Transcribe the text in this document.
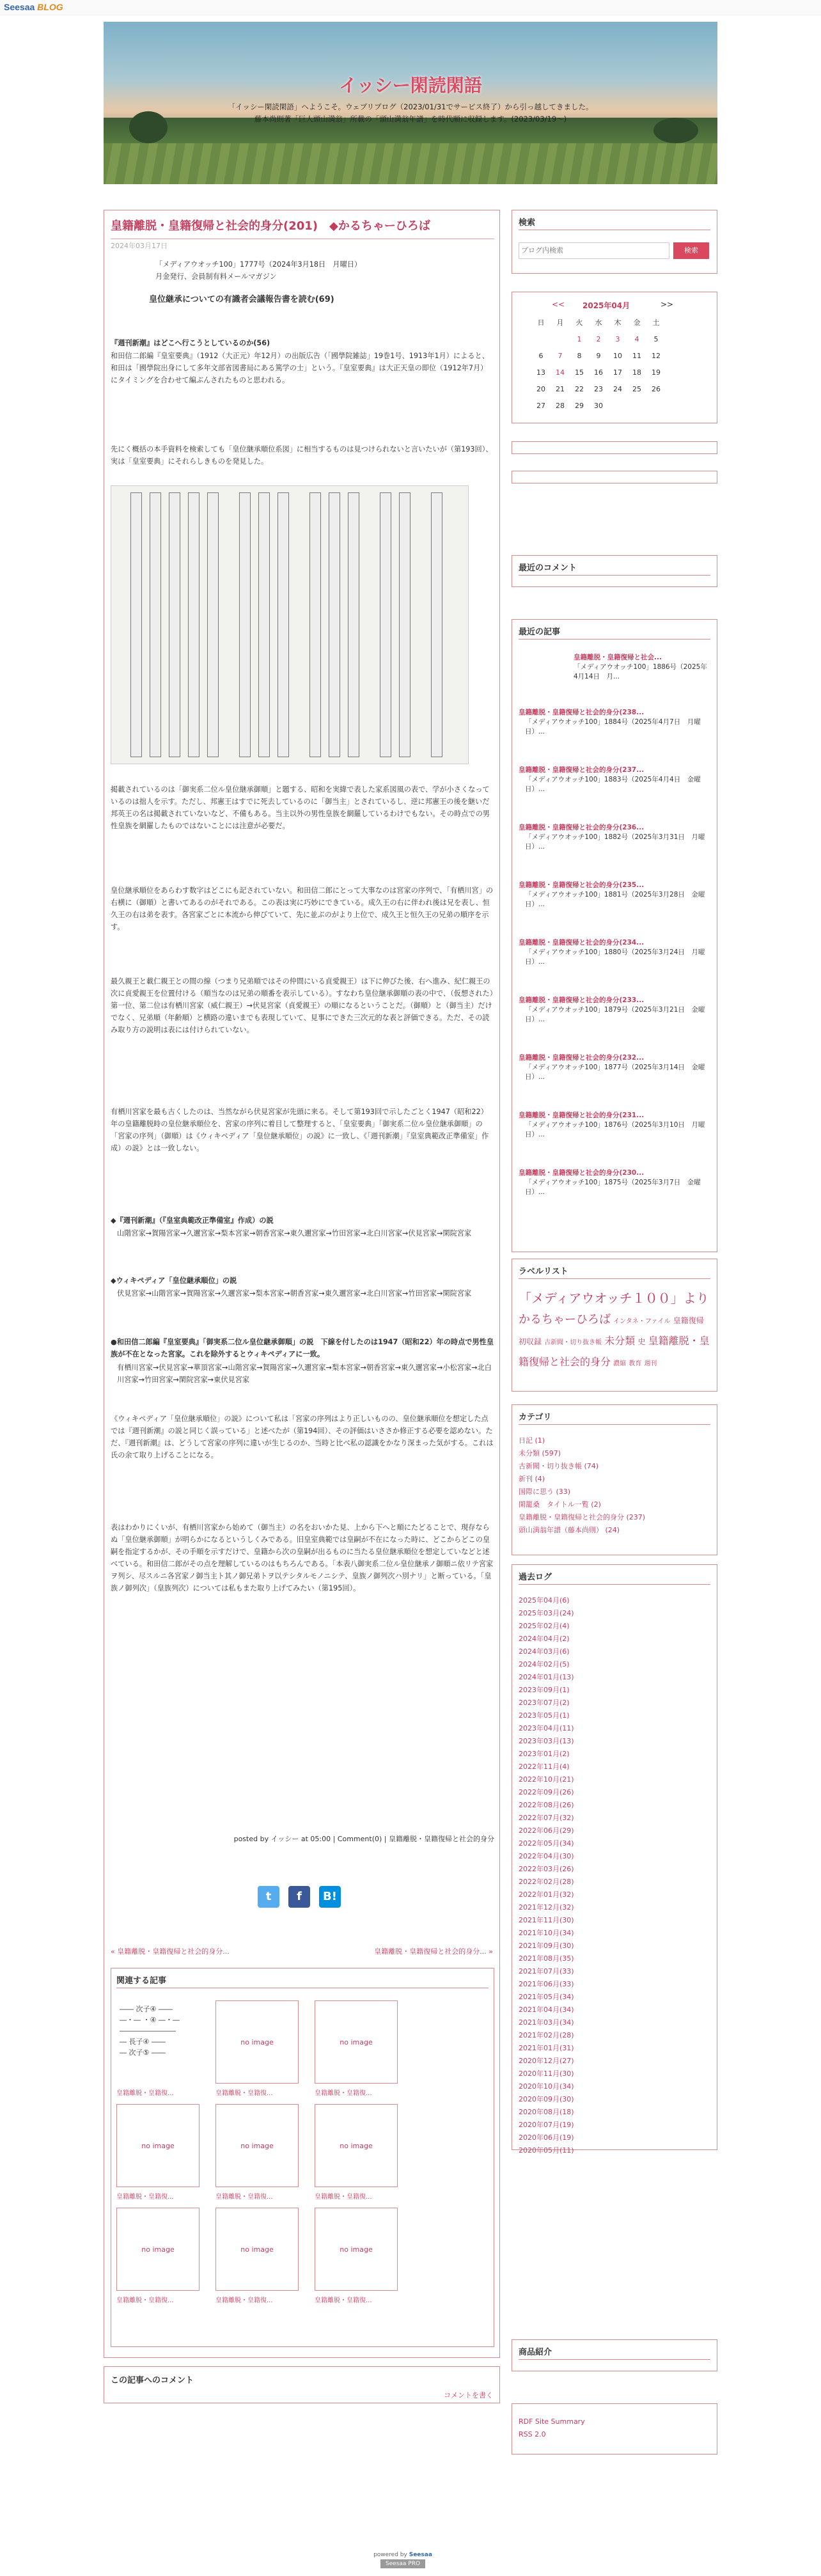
Seesaa BLOG
イッシー閑読閑語
「イッシー閑読閑語」へようこそ。ウェブリブログ（2023/01/31でサービス終了）から引っ越してきました。
藤本尚則著「巨人頭山満翁」所載の「頭山満翁年譜」を時代順に収録します。(2023/03/19〜)
皇籍離脱・皇籍復帰と社会的身分(201)　◆かるちゃーひろば
2024年03月17日
「メディアウオッチ100」1777号（2024年3月18日　月曜日）
月金発行、会員制有料メールマガジン
皇位継承についての有識者会議報告書を読む(69)
『週刊新潮』はどこへ行こうとしているのか(56)
和田信二郎編『皇室要典』（1912（大正元）年12月）の出版広告（「國學院雑誌」19巻1号、1913年1月）によると、和田は「國學院出身にして多年文部省図書局にある篤学の士」という。『皇室要典』は大正天皇の即位（1912年7月）にタイミングを合わせて編ぶんされたものと思われる。
先にく概括の本手資料を検索しても「皇位継承順位系図」に相当するものは見つけられないと言いたいが（第193回）、実は「皇室要典」にそれらしきものを発見した。
掲載されているのは「御実系二位ル皇位継承御順」と題する、昭和を実緯で表した家系図風の表で、学が小さくなっているのは拙人を示す。ただし、邦憲王はすでに死去しているのに「御当主」とされているし、逆に邦憲王の後を継いだ邦英王の名は掲載されていないなど、不備もある。当主以外の男性皇族を網羅しているわけでもない。その時点での男性皇族を網羅したものではないことには注意が必要だ。
皇位継承順位をあらわす数字はどこにも記されていない。和田信二郎にとって大事なのは宮家の序列で、「有栖川宮」の右横に（御順）と書いてあるのがそれである。この表は実に巧妙にできている。成久王の右に伴われ後は兄を表し、恒久王の右は弟を表す。各宮家ごとに本流から伸びていて、先に並ぶのがより上位で、成久王と恒久王の兄弟の順序を示す。
最久親王と載仁親王との間の線（つまり兄弟順ではその仲間にいる貞愛親王）は下に伸びた後、右へ進み、紀仁親王の次に貞愛親王を位置付ける（順当なのは兄弟の順番を表示している）。すなわち皇位継承御順の表の中で、（仮想された）第一位、第二位は有栖川宮家（威仁親王）→伏見宮家（貞愛親王）の順になるということだ。（御順）と（御当主）だけでなく、兄弟順（年齢順）と横路の違いまでも表現していて、見事にできた三次元的な表と評価できる。ただ、その読み取り方の説明は表には付けられていない。
有栖川宮家を最も古くしたのは、当然ながら伏見宮家が先頭に来る。そして第193回で示したごとく1947（昭和22）年の皇籍離脱時の皇位継承順位を、宮家の序列に着目して整理すると、「皇室要典」「御実系二位ル皇位継承御順」の「宮家の序列」（御順）は《ウィキペディア「皇位継承順位」の説》に一致し、《「週刊新潮」『皇室典範改正準備室」作成）の説》とは一致しない。
◆『週刊新潮』（『皇室典範改正準備室』作成）の説
山階宮家→賀陽宮家→久邇宮家→梨本宮家→朝香宮家→東久邇宮家→竹田宮家→北白川宮家→伏見宮家→閑院宮家
◆ウィキペディア「皇位継承順位」の説
伏見宮家→山階宮家→賀陽宮家→久邇宮家→梨本宮家→朝香宮家→東久邇宮家→北白川宮家→竹田宮家→閑院宮家
●和田信二郎編『皇室要典』「御実系二位ル皇位継承御順」の説　下線を付したのは1947（昭和22）年の時点で男性皇族が不在となった宮家。これを除外するとウィキペディアに一致。
有栖川宮家→伏見宮家→華頂宮家→山階宮家→賀陽宮家→久邇宮家→梨本宮家→朝香宮家→東久邇宮家→小松宮家→北白川宮家→竹田宮家→閑院宮家→東伏見宮家
《ウィキペディア「皇位継承順位」の説》について私は「宮家の序列はより正しいものの、皇位継承順位を想定した点では『週刊新潮』の説と同じく誤っている」と述べたが（第194回）、その評価はいささか修正する必要を認めない。ただ、『週刊新潮』は、どうして宮家の序列に違いが生じるのか、当時と比べ私の認識をかなり深まった気がする。これは氏の余て取り上げることになる。
表はわかりにくいが、有栖川宮家から始めて（御当主）の名をおいかた見、上から下へと順にたどることで、現存ならぬ「皇位継承御順」が明らかになるというしくみである。旧皇室典範では皇嗣が不在になった時に、どこからどこの皇嗣を指定するかが、その手順を示すだけで、皇籍から次の皇嗣が出るものに当たる皇位継承順位を想定していなどと述べている。和田信二郎がその点を理解しているのはもちろんである。「本表八御実系二位ル皇位継承ノ御順ニ依リテ宮家ヲ列シ、尽スルニ各宮家ノ御当主ト其ノ御兄弟トヲ以テシタルモノニシテ、皇族ノ御列次ハ別ナリ」と断っている。「皇族ノ御列次」（皇族列次）については私もまた取り上げてみたい（第195回）。
posted by イッシー at 05:00 | Comment(0) | 皇籍離脱・皇籍復帰と社会的身分
t	f	B!
« 皇籍離脱・皇籍復帰と社会的身分...	皇籍離脱・皇籍復帰と社会的身分... »
関連する記事
―― 次子④ ――
―・― ・④ ―・―
――――――――
― 長子④ ――
― 次子⑤ ――
皇籍離脱・皇籍復...
no image
皇籍離脱・皇籍復...
no image
皇籍離脱・皇籍復...
no image
皇籍離脱・皇籍復...
no image
皇籍離脱・皇籍復...
no image
皇籍離脱・皇籍復...
no image
皇籍離脱・皇籍復...
no image
皇籍離脱・皇籍復...
no image
皇籍離脱・皇籍復...
この記事へのコメント
コメントを書く
検索
ブログ内検索
検索
<< 2025年04月	>>
日	月	火	水	木	金	土
		1	2	3	4	5
6	7	8	9	10	11	12
13	14	15	16	17	18	19
20	21	22	23	24	25	26
27	28	29	30			
最近のコメント
最近の記事
皇籍離脱・皇籍復帰と社会...
「メディアウオッチ100」1886号（2025年4月14日　月...
皇籍離脱・皇籍復帰と社会的身分(238...
「メディアウオッチ100」1884号（2025年4月7日　月曜日）...
皇籍離脱・皇籍復帰と社会的身分(237...
「メディアウオッチ100」1883号（2025年4月4日　金曜日）...
皇籍離脱・皇籍復帰と社会的身分(236...
「メディアウオッチ100」1882号（2025年3月31日　月曜日）...
皇籍離脱・皇籍復帰と社会的身分(235...
「メディアウオッチ100」1881号（2025年3月28日　金曜日）...
皇籍離脱・皇籍復帰と社会的身分(234...
「メディアウオッチ100」1880号（2025年3月24日　月曜日）...
皇籍離脱・皇籍復帰と社会的身分(233...
「メディアウオッチ100」1879号（2025年3月21日　金曜日）...
皇籍離脱・皇籍復帰と社会的身分(232...
「メディアウオッチ100」1877号（2025年3月14日　金曜日）...
皇籍離脱・皇籍復帰と社会的身分(231...
「メディアウオッチ100」1876号（2025年3月10日　月曜日）...
皇籍離脱・皇籍復帰と社会的身分(230...
「メディアウオッチ100」1875号（2025年3月7日　金曜日）...
ラベルリスト
「メディアウオッチ１００」より かるちゃーひろば インタネ・ファイル 皇籍復帰 初収録 古新聞・切り抜き帳 未分類 史 皇籍離脱・皇籍復帰と社会的身分 濃縮 教育 週刊
カテゴリ
日記 (1)
未分類 (597)
古新聞・切り抜き帳 (74)
新刊 (4)
国際に思う (33)
閑籠桑　タイトル一覧 (2)
皇籍離脱・皇籍復帰と社会的身分 (237)
頭山満翁年譜（藤本尚則） (24)
過去ログ
2025年04月(6)
2025年03月(24)
2025年02月(4)
2024年04月(2)
2024年03月(6)
2024年02月(5)
2024年01月(13)
2023年09月(1)
2023年07月(2)
2023年05月(1)
2023年04月(11)
2023年03月(13)
2023年01月(2)
2022年11月(4)
2022年10月(21)
2022年09月(26)
2022年08月(26)
2022年07月(32)
2022年06月(29)
2022年05月(34)
2022年04月(30)
2022年03月(26)
2022年02月(28)
2022年01月(32)
2021年12月(32)
2021年11月(30)
2021年10月(34)
2021年09月(30)
2021年08月(35)
2021年07月(33)
2021年06月(33)
2021年05月(34)
2021年04月(34)
2021年03月(34)
2021年02月(28)
2021年01月(31)
2020年12月(27)
2020年11月(30)
2020年10月(34)
2020年09月(30)
2020年08月(18)
2020年07月(19)
2020年06月(19)
2020年05月(11)
商品紹介
RDF Site Summary
RSS 2.0
powered by Seesaa
Seesaa PRO
